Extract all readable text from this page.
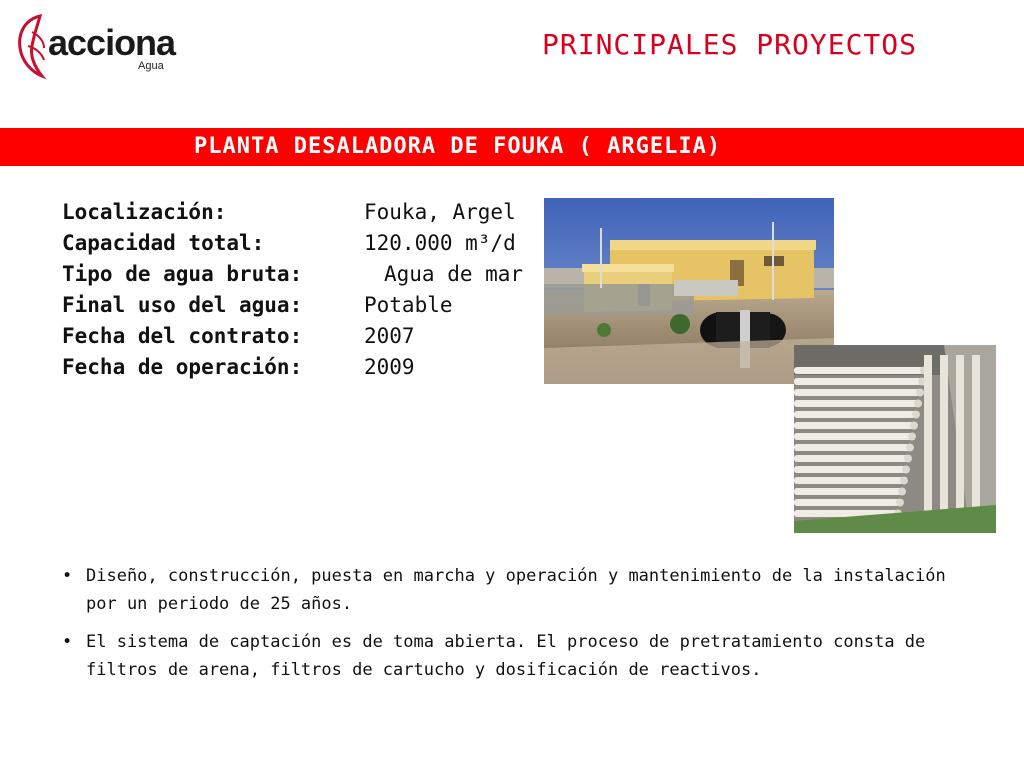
acciona
Agua
PRINCIPALES PROYECTOS
PLANTA DESALADORA DE FOUKA ( ARGELIA)
Localización:	Fouka, Argel
Capacidad total:	120.000 m³/d
Tipo de agua bruta:	Agua de mar
Final uso del agua:	Potable
Fecha del contrato:	2007
Fecha de operación:	2009
• Diseño, construcción, puesta en marcha y operación y mantenimiento de la instalación por un periodo de 25 años.
• El sistema de captación es de toma abierta. El proceso de pretratamiento consta de filtros de arena, filtros de cartucho y dosificación de reactivos.
